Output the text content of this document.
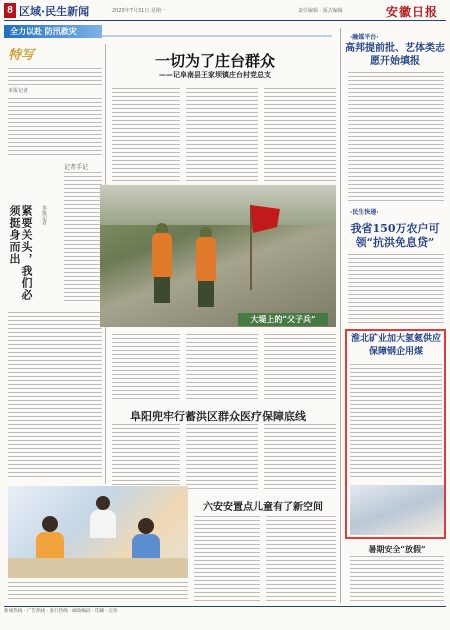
8 区域·民生新闻	2023年7月31日 星期一	责任编辑 · 版式编辑	安徽日报
全力以赴 防汛救灾
特写
本报记者
记者手记
紧要关头，我们必须挺身而出	本报记者
一切为了庄台群众
——记阜南县王家坝镇庄台村党总支
大堤上的“父子兵”
阜阳兜牢行蓄洪区群众医疗保障底线
六安安置点儿童有了新空间
·融媒平台·
高邦提前批、艺体类志愿开始填报
·民生快递·
我省150万农户可领“抗洪免息贷”
淮北矿业加大氢氦供应保障钢企用煤
暑期安全“放假”
新闻热线 · 广告热线 · 发行热线 · 邮政编码 · 印刷 · 定价
